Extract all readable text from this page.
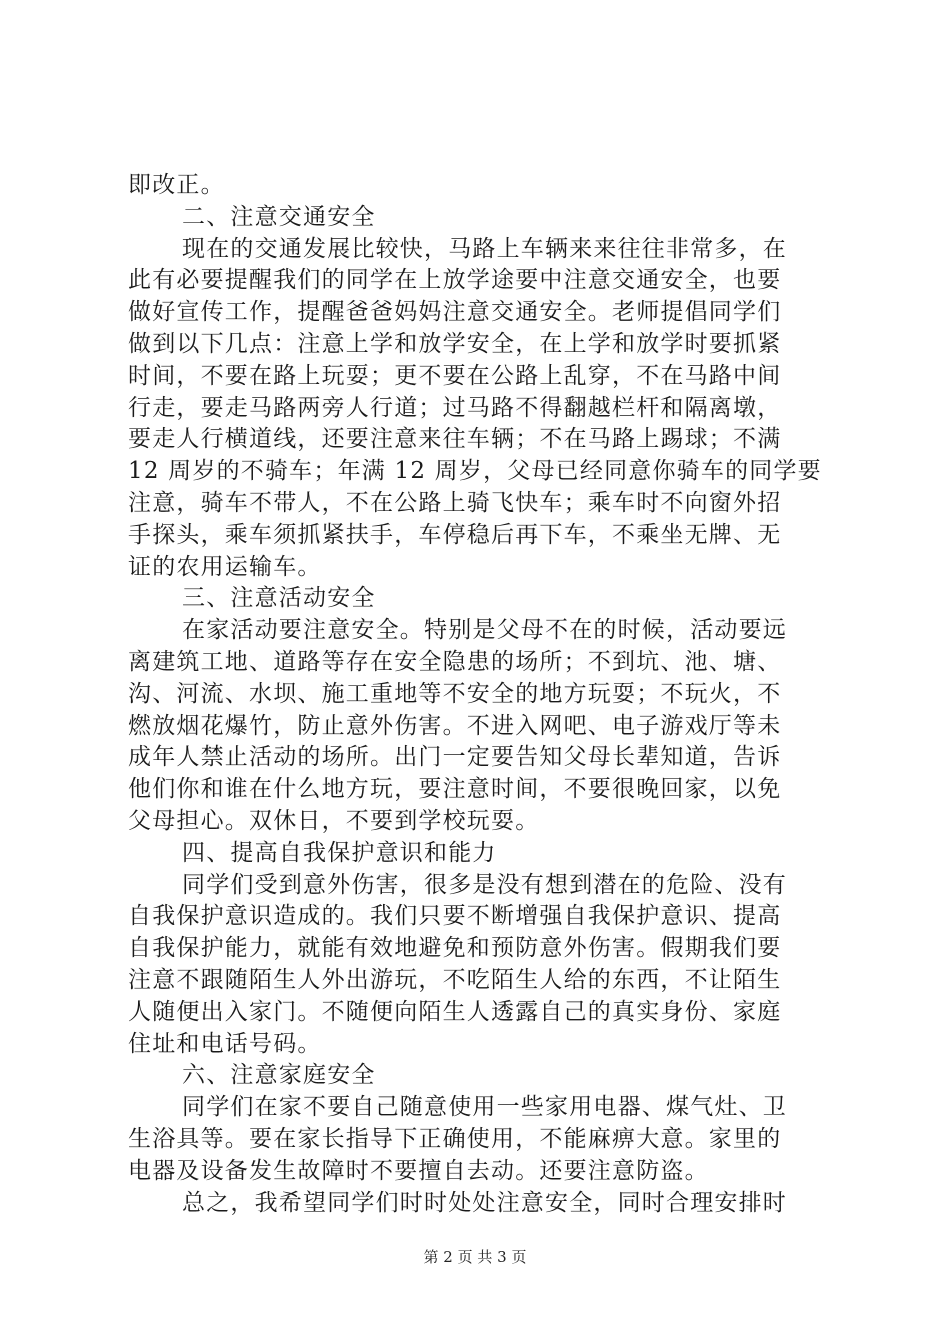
即改正。
二、注意交通安全
现在的交通发展比较快，马路上车辆来来往往非常多，在
此有必要提醒我们的同学在上放学途要中注意交通安全，也要
做好宣传工作，提醒爸爸妈妈注意交通安全。老师提倡同学们
做到以下几点：注意上学和放学安全，在上学和放学时要抓紧
时间，不要在路上玩耍；更不要在公路上乱穿，不在马路中间
行走，要走马路两旁人行道；过马路不得翻越栏杆和隔离墩，
要走人行横道线，还要注意来往车辆；不在马路上踢球；不满
12 周岁的不骑车；年满 12 周岁，父母已经同意你骑车的同学要
注意，骑车不带人，不在公路上骑飞快车；乘车时不向窗外招
手探头，乘车须抓紧扶手，车停稳后再下车，不乘坐无牌、无
证的农用运输车。
三、注意活动安全
在家活动要注意安全。特别是父母不在的时候，活动要远
离建筑工地、道路等存在安全隐患的场所；不到坑、池、塘、
沟、河流、水坝、施工重地等不安全的地方玩耍；不玩火，不
燃放烟花爆竹，防止意外伤害。不进入网吧、电子游戏厅等未
成年人禁止活动的场所。出门一定要告知父母长辈知道，告诉
他们你和谁在什么地方玩，要注意时间，不要很晚回家，以免
父母担心。双休日，不要到学校玩耍。
四、提高自我保护意识和能力
同学们受到意外伤害，很多是没有想到潜在的危险、没有
自我保护意识造成的。我们只要不断增强自我保护意识、提高
自我保护能力，就能有效地避免和预防意外伤害。假期我们要
注意不跟随陌生人外出游玩，不吃陌生人给的东西，不让陌生
人随便出入家门。不随便向陌生人透露自己的真实身份、家庭
住址和电话号码。
六、注意家庭安全
同学们在家不要自己随意使用一些家用电器、煤气灶、卫
生浴具等。要在家长指导下正确使用，不能麻痹大意。家里的
电器及设备发生故障时不要擅自去动。还要注意防盗。
总之，我希望同学们时时处处注意安全，同时合理安排时
第 2 页 共 3 页
